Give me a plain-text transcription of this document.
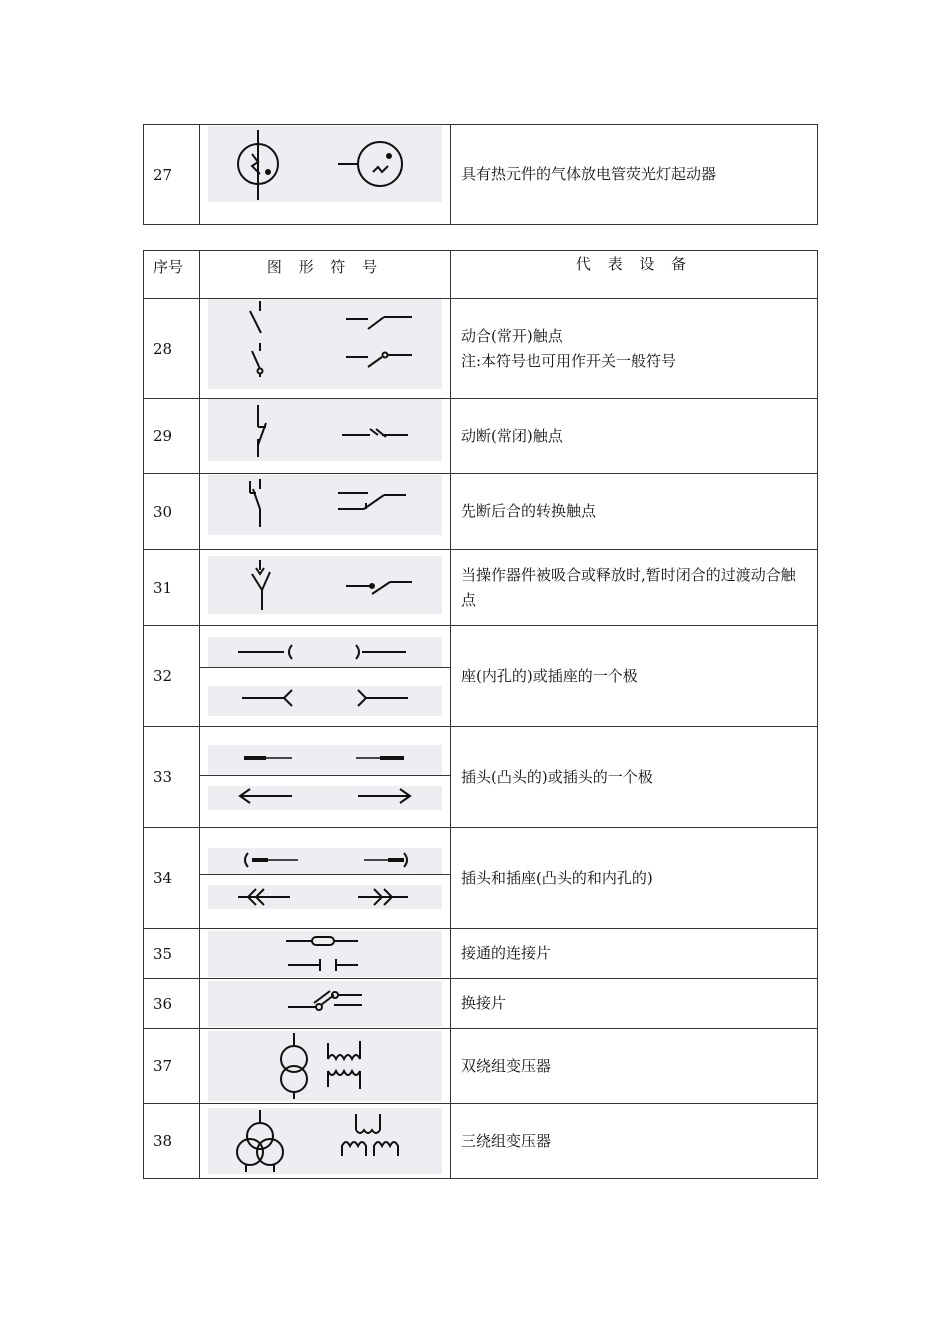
27		具有热元件的气体放电管荧光灯起动器
序号	图 形 符 号	代 表 设 备
28		动合(常开)触点
注:本符号也可用作开关一般符号

29		动断(常闭)触点
30		先断后合的转换触点
31		当操作器件被吸合或释放时,暂时闭合的过渡动合触点
32		座(内孔的)或插座的一个极
33		插头(凸头的)或插头的一个极
34		插头和插座(凸头的和内孔的)
35		接通的连接片
36		换接片
37		双绕组变压器
38		三绕组变压器
